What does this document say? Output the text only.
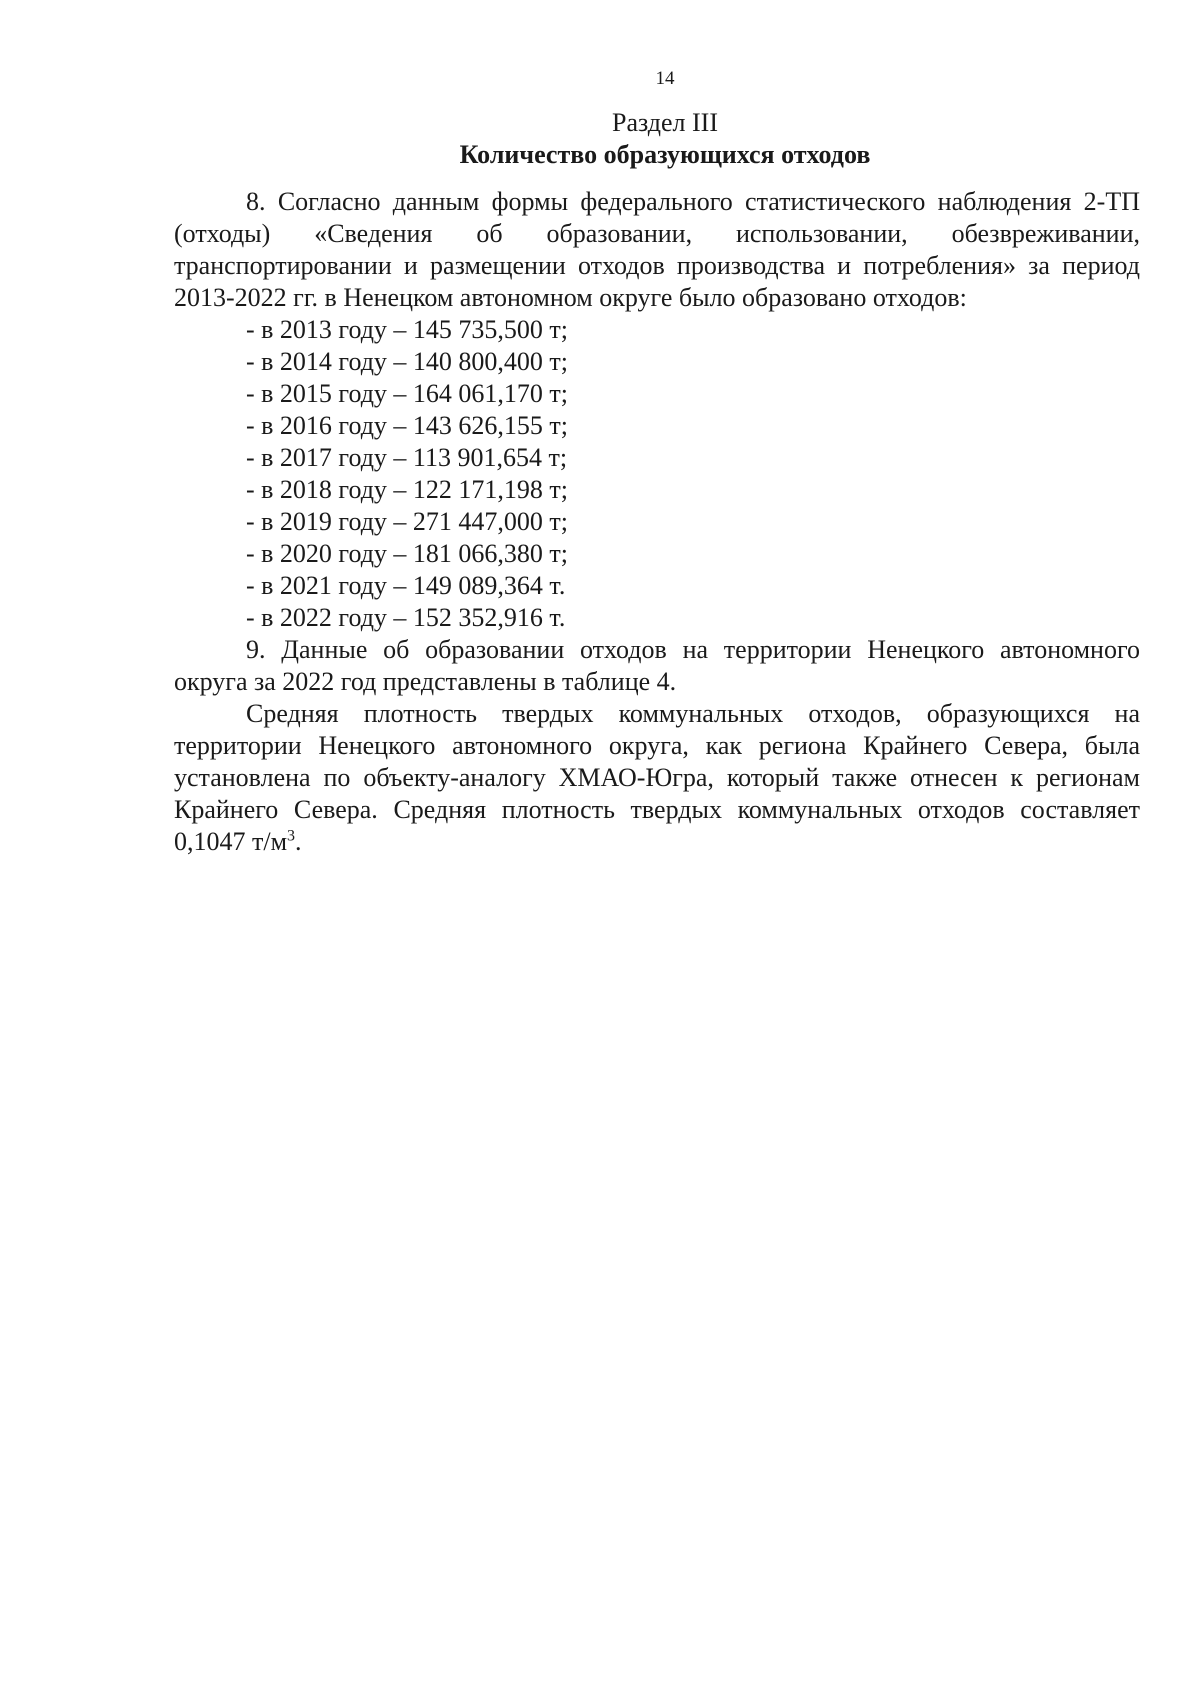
14
Раздел III
Количество образующихся отходов

8. Согласно данным формы федерального статистического наблюдения 2-ТП (отходы) «Сведения об образовании, использовании, обезвреживании, транспортировании и размещении отходов производства и потребления» за период 2013-2022 гг. в Ненецком автономном округе было образовано отходов:

- в 2013 году – 145 735,500 т;
- в 2014 году – 140 800,400 т;
- в 2015 году – 164 061,170 т;
- в 2016 году – 143 626,155 т;
- в 2017 году – 113 901,654 т;
- в 2018 году – 122 171,198 т;
- в 2019 году – 271 447,000 т;
- в 2020 году – 181 066,380 т;
- в 2021 году – 149 089,364 т.
- в 2022 году – 152 352,916 т.

9. Данные об образовании отходов на территории Ненецкого автономного округа за 2022 год представлены в таблице 4.

Средняя плотность твердых коммунальных отходов, образующихся на территории Ненецкого автономного округа, как региона Крайнего Севера, была установлена по объекту-аналогу ХМАО-Югра, который также отнесен к регионам Крайнего Севера. Средняя плотность твердых коммунальных отходов составляет 0,1047 $т/м^3$.
